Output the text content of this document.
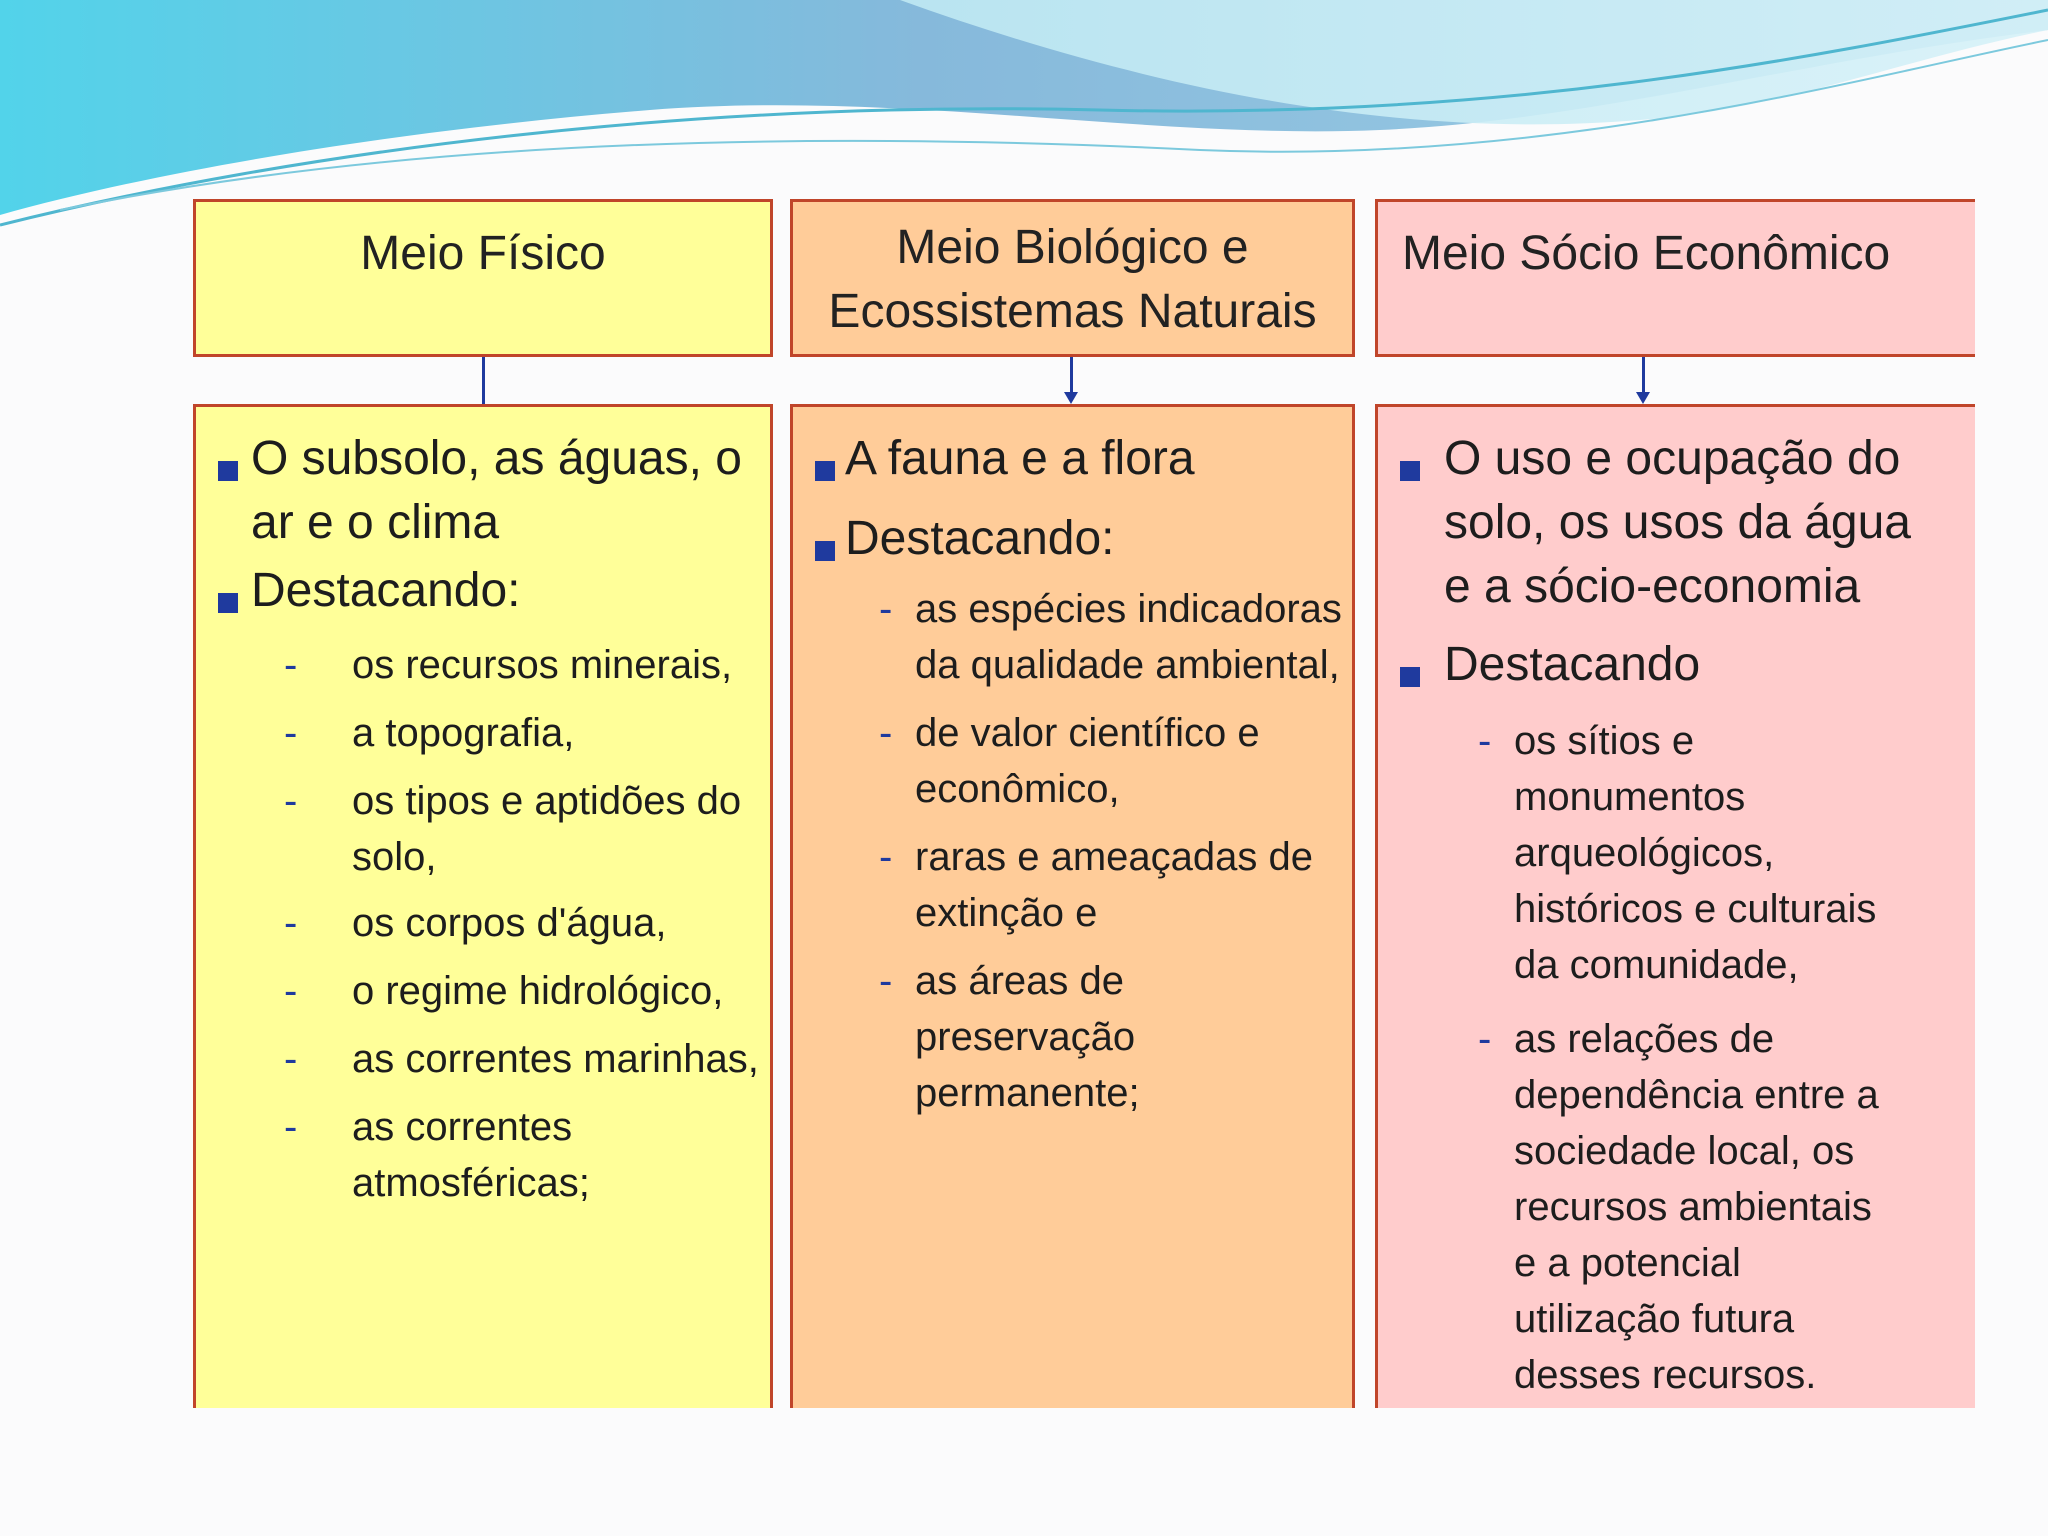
Meio Físico
O subsolo, as águas, o
ar e o clima
Destacando:
- os recursos minerais,
- a topografia,
- os tipos e aptidões do
solo,
- os corpos d'água,
- o regime hidrológico,
- as correntes marinhas,
- as correntes
atmosféricas;
Meio Biológico e
Ecossistemas Naturais
A fauna e a flora
Destacando:
- as espécies indicadoras
da qualidade ambiental,
- de valor científico e
econômico,
- raras e ameaçadas de
extinção e
- as áreas de
preservação
permanente;
Meio Sócio Econômico
O uso e ocupação do
solo, os usos da água
e a sócio-economia
Destacando
- os sítios e
monumentos
arqueológicos,
históricos e culturais
da comunidade,
- as relações de
dependência entre a
sociedade local, os
recursos ambientais
e a potencial
utilização futura
desses recursos.
